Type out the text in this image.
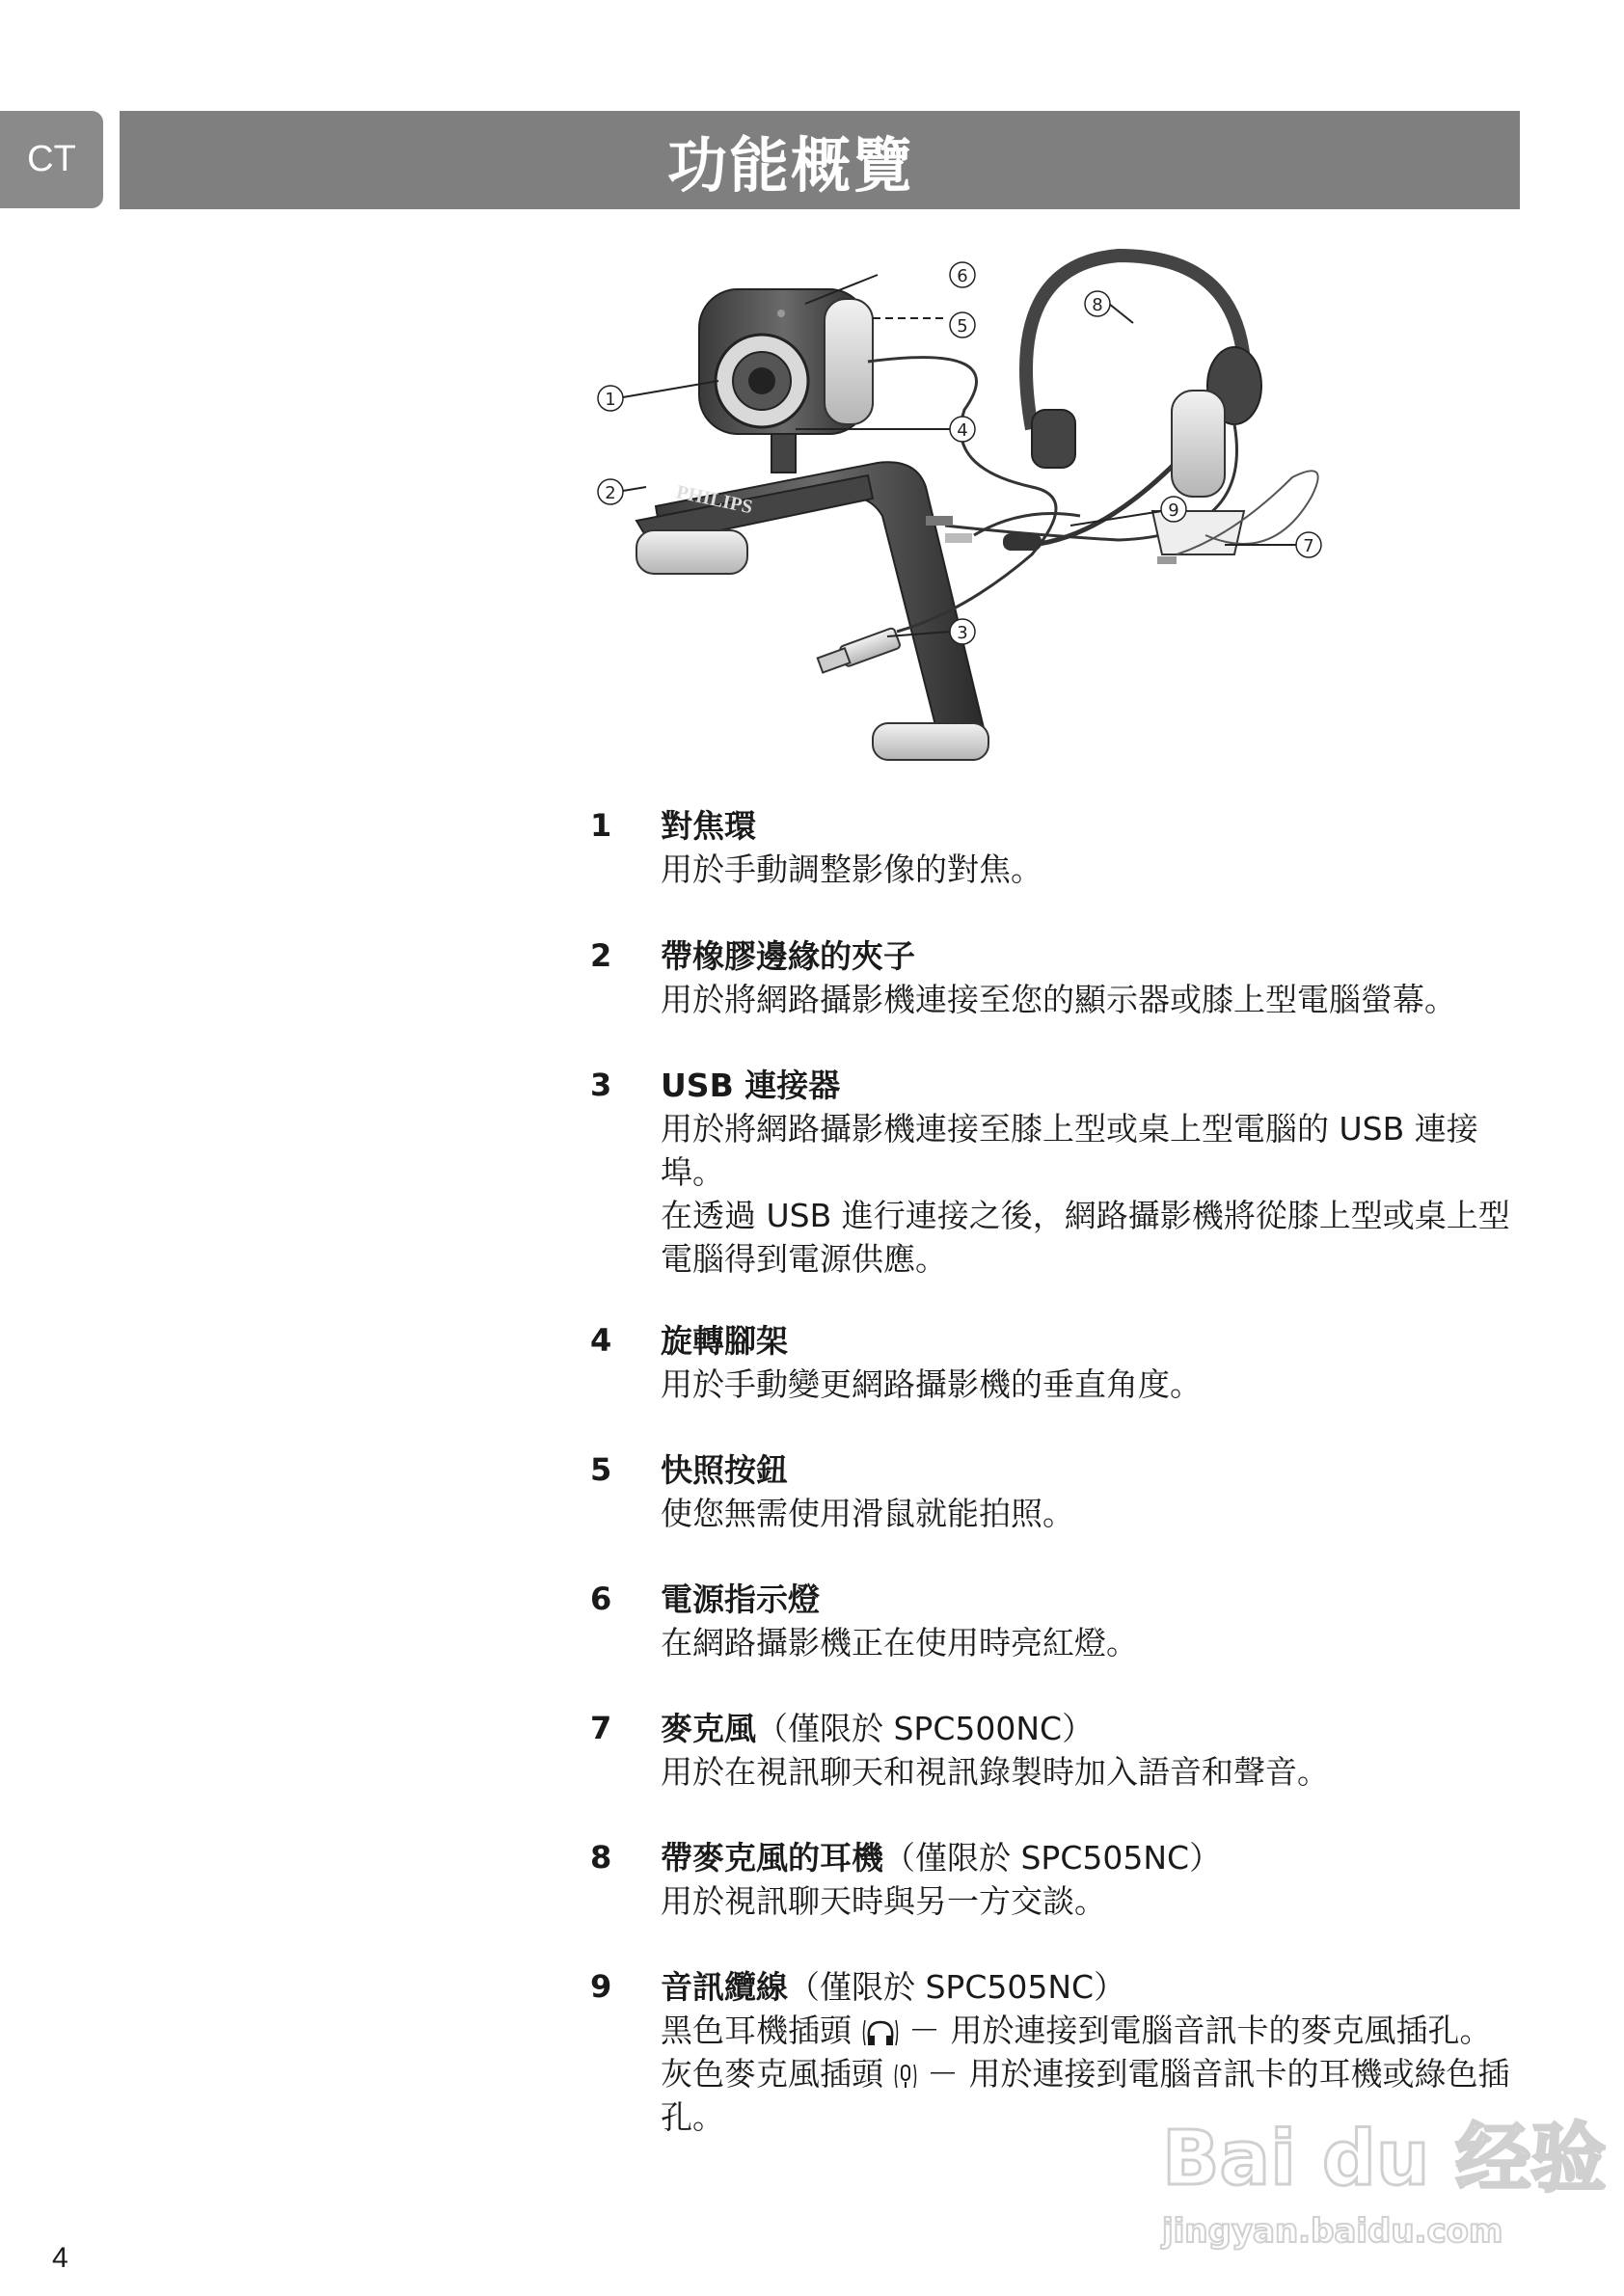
CT	功能概覽
PHILIPS
6
5
1
4
2
3
7
8
9
1	對焦環
用於手動調整影像的對焦。
2	帶橡膠邊緣的夾子
用於將網路攝影機連接至您的顯示器或膝上型電腦螢幕。
3	USB 連接器
用於將網路攝影機連接至膝上型或桌上型電腦的 USB 連接埠。
在透過 USB 進行連接之後，網路攝影機將從膝上型或桌上型電腦得到電源供應。
4	旋轉腳架
用於手動變更網路攝影機的垂直角度。
5	快照按鈕
使您無需使用滑鼠就能拍照。
6	電源指示燈
在網路攝影機正在使用時亮紅燈。
7	麥克風（僅限於 SPC500NC）
用於在視訊聊天和視訊錄製時加入語音和聲音。
8	帶麥克風的耳機（僅限於 SPC505NC）
用於視訊聊天時與另一方交談。
9	音訊纜線（僅限於 SPC505NC）
黑色耳機插頭  － 用於連接到電腦音訊卡的麥克風插孔。
灰色麥克風插頭  － 用於連接到電腦音訊卡的耳機或綠色插孔。
4
Bai du 经验
jingyan.baidu.com
